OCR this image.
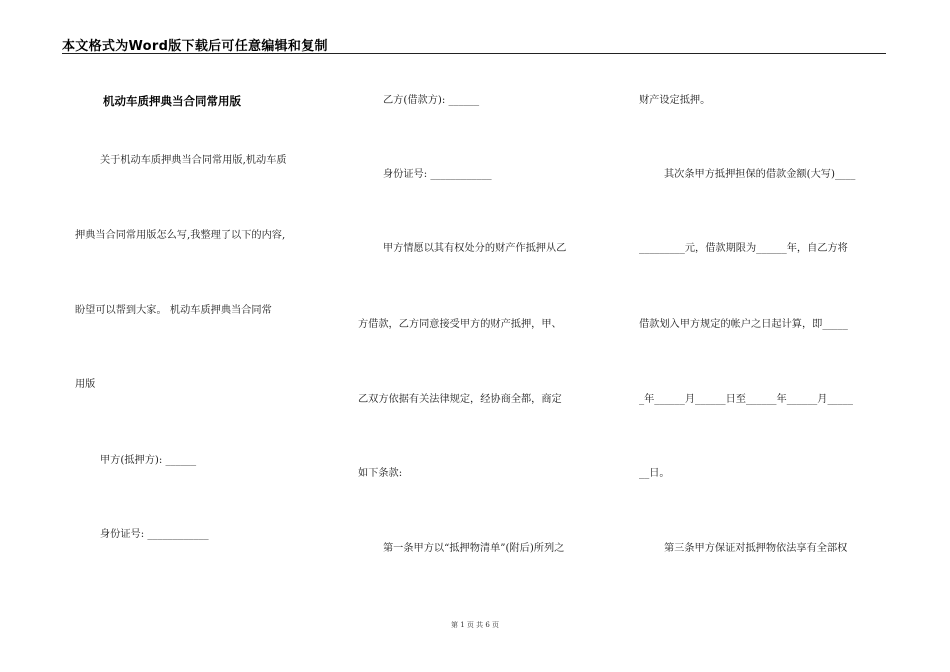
本文格式为Word版下载后可任意编辑和复制
机动车质押典当合同常用版
关于机动车质押典当合同常用版,机动车质
押典当合同常用版怎么写,我整理了以下的内容,
盼望可以帮到大家。 机动车质押典当合同常
用版
甲方(抵押方): ______
身份证号: ____________
乙方(借款方): ______
身份证号: ____________
甲方情愿以其有权处分的财产作抵押从乙
方借款，乙方同意接受甲方的财产抵押，甲、
乙双方依据有关法律规定，经协商全都，商定
如下条款:
第一条甲方以“抵押物清单”(附后)所列之
财产设定抵押。
其次条甲方抵押担保的借款金额(大写)____
_________元，借款期限为______年，自乙方将
借款划入甲方规定的帐户之日起计算，即_____
_年______月______日至______年______月_____
__日。
第三条甲方保证对抵押物依法享有全部权
第 1 页 共 6 页
